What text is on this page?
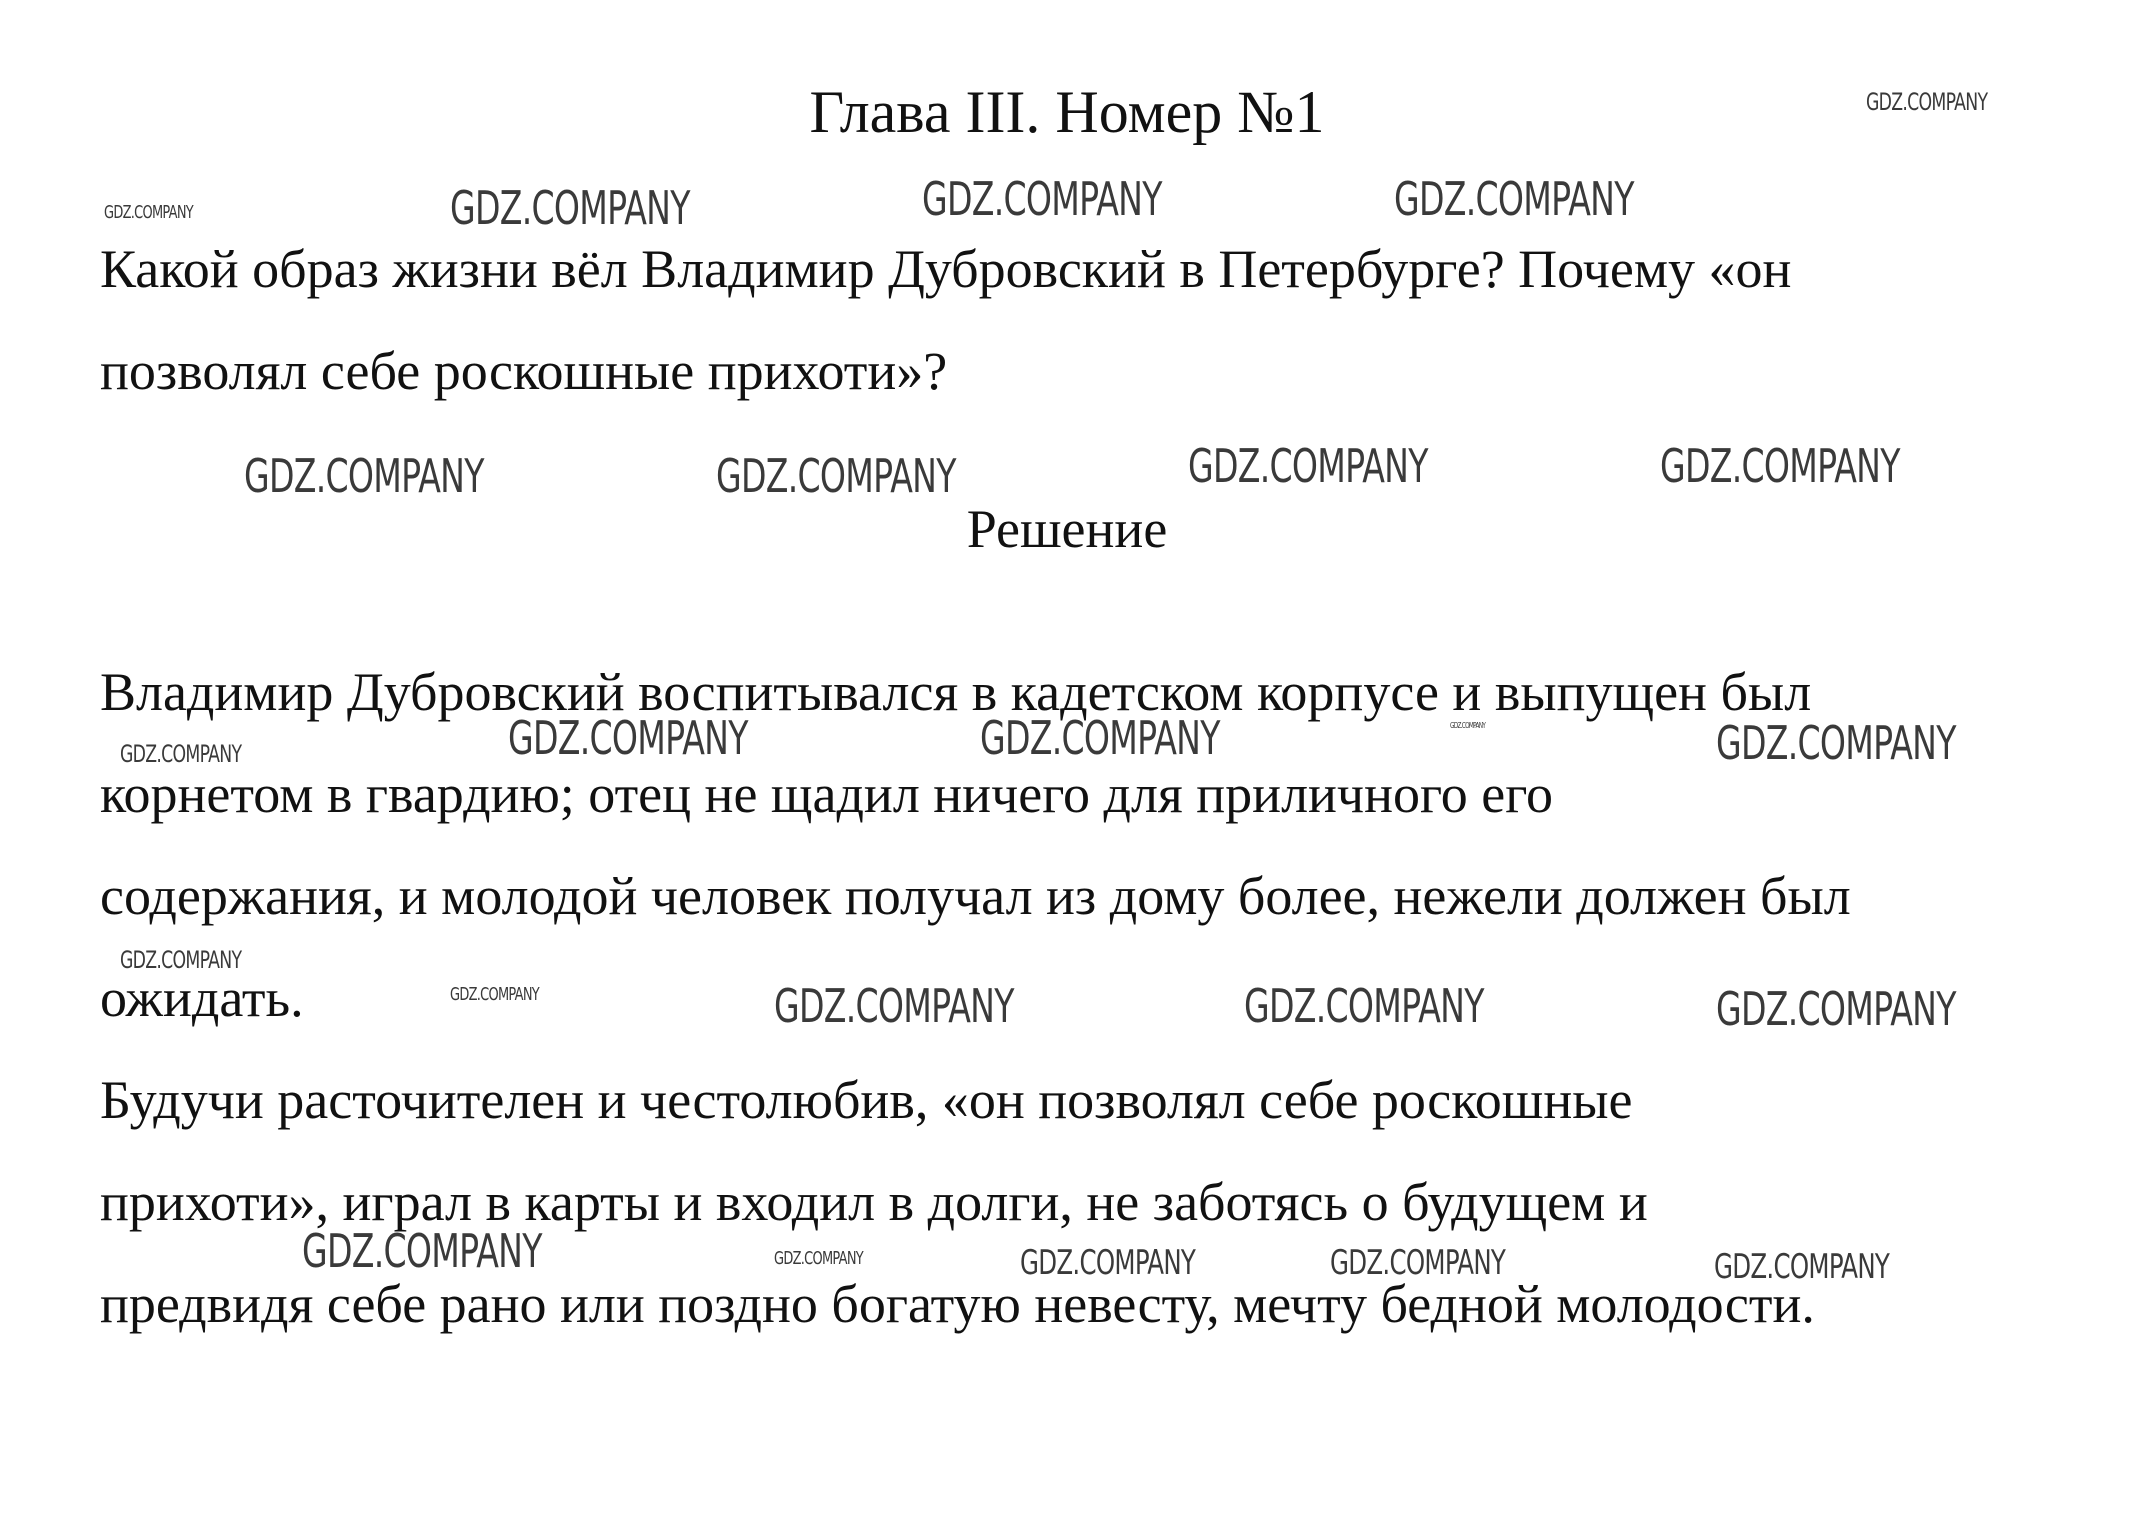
Глава III. Номер №1
Какой образ жизни вёл Владимир Дубровский в Петербурге? Почему «он
позволял себе роскошные прихоти»?
Решение
Владимир Дубровский воспитывался в кадетском корпусе и выпущен был
корнетом в гвардию; отец не щадил ничего для приличного его
содержания, и молодой человек получал из дому более, нежели должен был
ожидать.
Будучи расточителен и честолюбив, «он позволял себе роскошные
прихоти», играл в карты и входил в долги, не заботясь о будущем и
предвидя себе рано или поздно богатую невесту, мечту бедной молодости.
GDZ.COMPANY
GDZ.COMPANY	GDZ.COMPANY	GDZ.COMPANY	GDZ.COMPANY
GDZ.COMPANY	GDZ.COMPANY	GDZ.COMPANY	GDZ.COMPANY
GDZ.COMPANY	GDZ.COMPANY	GDZ.COMPANY	GDZ.COMPANY	GDZ.COMPANY
GDZ.COMPANY
GDZ.COMPANY	GDZ.COMPANY	GDZ.COMPANY	GDZ.COMPANY
GDZ.COMPANY	GDZ.COMPANY	GDZ.COMPANY	GDZ.COMPANY	GDZ.COMPANY
